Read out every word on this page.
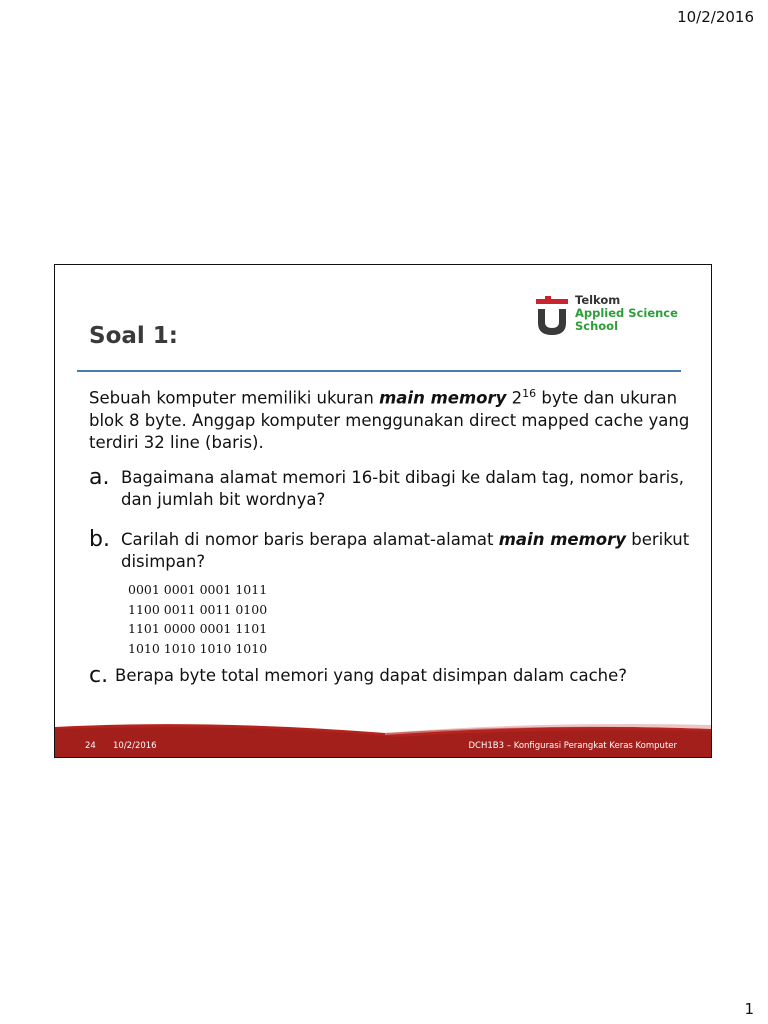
10/2/2016
Telkom
Applied Science
School
Soal 1:
Sebuah komputer memiliki ukuran main memory $2^{16}$ byte dan ukuran blok 8 byte. Anggap komputer menggunakan direct mapped cache yang terdiri 32 line (baris).
a. Bagaimana alamat memori 16-bit dibagi ke dalam tag, nomor baris, dan jumlah bit wordnya?
b. Carilah di nomor baris berapa alamat-alamat main memory berikut disimpan?
0001 0001 0001 1011
1100 0011 0011 0100
1101 0000 0001 1101
1010 1010 1010 1010
c. Berapa byte total memori yang dapat disimpan dalam cache?
24 10/2/2016	DCH1B3 – Konfigurasi Perangkat Keras Komputer
1
